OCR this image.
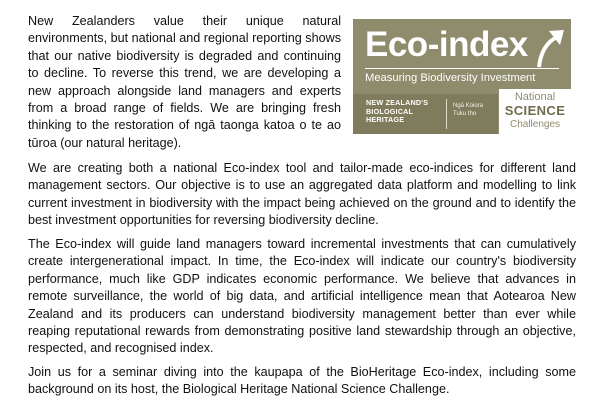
New Zealanders value their unique natural environments, but national and regional reporting shows that our native biodiversity is degraded and continuing to decline. To reverse this trend, we are developing a new approach alongside land managers and experts from a broad range of fields. We are bringing fresh thinking to the restoration of ngā taonga katoa o te ao tūroa (our natural heritage).

Eco-index
Measuring Biodiversity Investment
NEW ZEALAND'S
BIOLOGICAL
HERITAGE
Ngā Koiora
Tuku Iho
National
SCIENCE
Challenges

We are creating both a national Eco-index tool and tailor-made eco-indices for different land management sectors. Our objective is to use an aggregated data platform and modelling to link current investment in biodiversity with the impact being achieved on the ground and to identify the best investment opportunities for reversing biodiversity decline.

The Eco-index will guide land managers toward incremental investments that can cumulatively create intergenerational impact. In time, the Eco-index will indicate our country's biodiversity performance, much like GDP indicates economic performance. We believe that advances in remote surveillance, the world of big data, and artificial intelligence mean that Aotearoa New Zealand and its producers can understand biodiversity management better than ever while reaping reputational rewards from demonstrating positive land stewardship through an objective, respected, and recognised index.

Join us for a seminar diving into the kaupapa of the BioHeritage Eco-index, including some background on its host, the Biological Heritage National Science Challenge.
